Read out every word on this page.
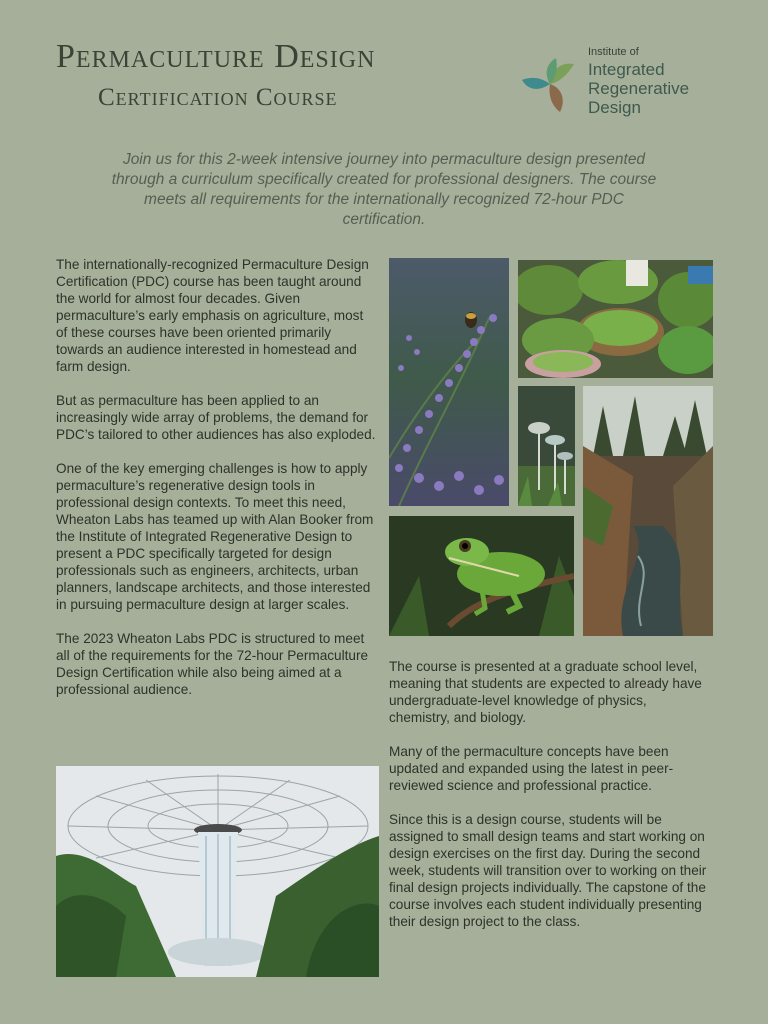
Permaculture Design
Certification Course
Institute of
Integrated
Regenerative
Design
Join us for this 2-week intensive journey into permaculture design presented through a curriculum specifically created for professional designers. The course meets all requirements for the internationally recognized 72-hour PDC certification.

The internationally-recognized Permaculture Design Certification (PDC) course has been taught around the world for almost four decades. Given permaculture’s early emphasis on agriculture, most of these courses have been oriented primarily towards an audience interested in homestead and farm design.

But as permaculture has been applied to an increasingly wide array of problems, the demand for PDC’s tailored to other audiences has also exploded.

One of the key emerging challenges is how to apply permaculture’s regenerative design tools in professional design contexts. To meet this need, Wheaton Labs has teamed up with Alan Booker from the Institute of Integrated Regenerative Design to present a PDC specifically targeted for design professionals such as engineers, architects, urban planners, landscape architects, and those interested in pursuing permaculture design at larger scales.

The 2023 Wheaton Labs PDC is structured to meet all of the requirements for the 72-hour Permaculture Design Certification while also being aimed at a professional audience.

The course is presented at a graduate school level, meaning that students are expected to already have undergraduate-level knowledge of physics, chemistry, and biology.

Many of the permaculture concepts have been updated and expanded using the latest in peer-reviewed science and professional practice.

Since this is a design course, students will be assigned to small design teams and start working on design exercises on the first day. During the second week, students will transition over to working on their final design projects individually. The capstone of the course involves each student individually presenting their design project to the class.
